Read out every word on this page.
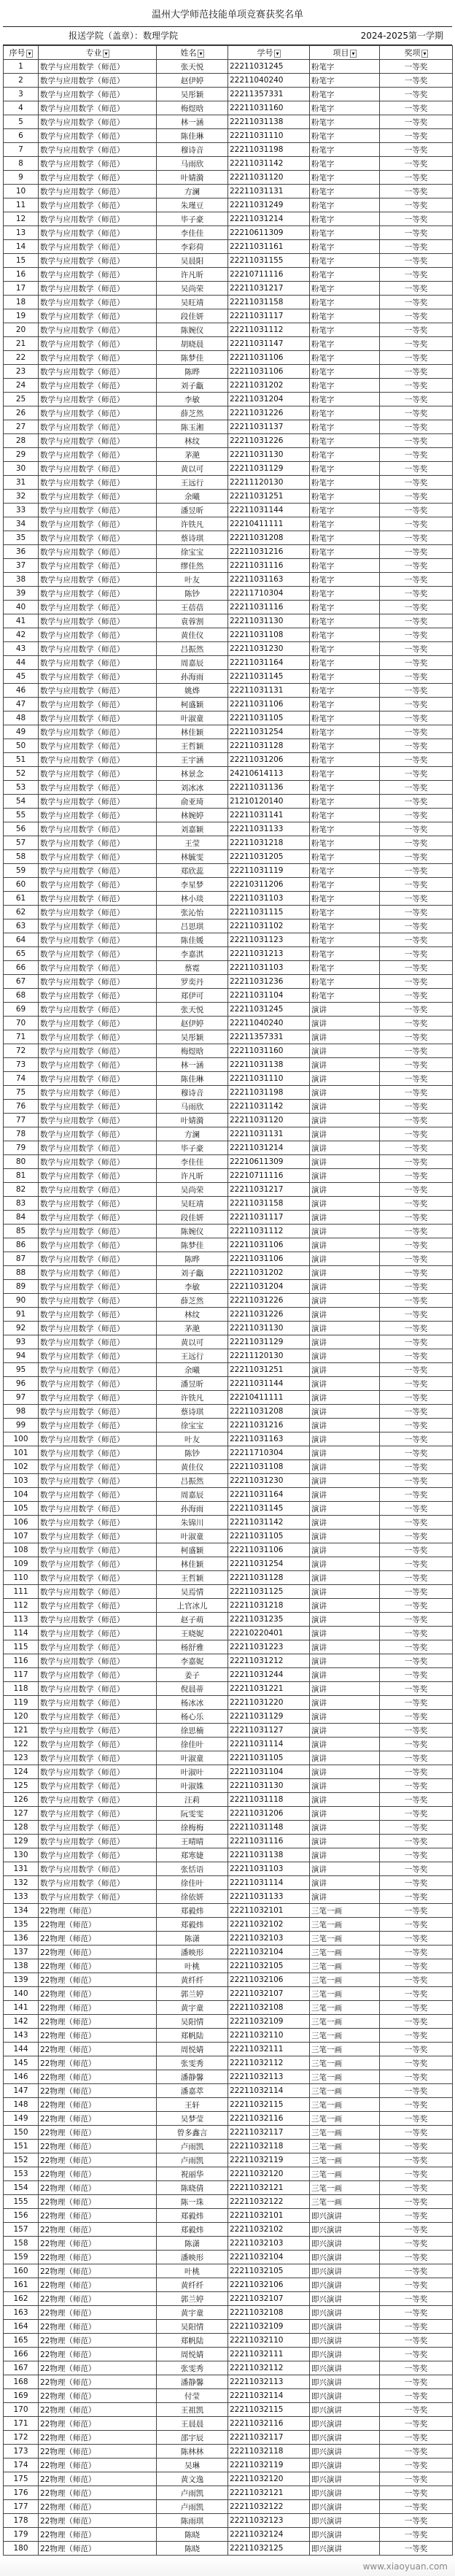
温州大学师范技能单项竞赛获奖名单
报送学院（盖章）：数理学院	2024-2025第一学期
序号 ▾	专业 ▾	姓名 ▾	学号 ▾	项目 ▾	奖项 ▾
1	数学与应用数学（师范）	张天悦	22211031245	粉笔字	一等奖
2	数学与应用数学（师范）	赵伊婷	22211040240	粉笔字	一等奖
3	数学与应用数学（师范）	吴彤颖	22211357331	粉笔字	一等奖
4	数学与应用数学（师范）	梅煜晗	22211031160	粉笔字	一等奖
5	数学与应用数学（师范）	林一涵	22211031138	粉笔字	一等奖
6	数学与应用数学（师范）	陈佳琳	22211031110	粉笔字	一等奖
7	数学与应用数学（师范）	穆诗音	22211031198	粉笔字	一等奖
8	数学与应用数学（师范）	马雨欣	22211031142	粉笔字	一等奖
9	数学与应用数学（师范）	叶婧漪	22211031120	粉笔字	一等奖
10	数学与应用数学（师范）	方澜	22211031131	粉笔字	一等奖
11	数学与应用数学（师范）	朱瑾豆	22211031249	粉笔字	一等奖
12	数学与应用数学（师范）	毕子豪	22211031214	粉笔字	一等奖
13	数学与应用数学（师范）	李佳佳	22210611309	粉笔字	一等奖
14	数学与应用数学（师范）	李彩荷	22211031161	粉笔字	一等奖
15	数学与应用数学（师范）	吴晨阳	22211031155	粉笔字	一等奖
16	数学与应用数学（师范）	许凡昕	22210711116	粉笔字	一等奖
17	数学与应用数学（师范）	吴尚荣	22211031217	粉笔字	一等奖
18	数学与应用数学（师范）	吴旺靖	22211031158	粉笔字	一等奖
19	数学与应用数学（师范）	段佳妍	22211031117	粉笔字	一等奖
20	数学与应用数学（师范）	陈婉仪	22211031112	粉笔字	一等奖
21	数学与应用数学（师范）	胡晓晨	22211031147	粉笔字	一等奖
22	数学与应用数学（师范）	陈梦佳	22211031106	粉笔字	一等奖
23	数学与应用数学（师范）	陈晔	22211031106	粉笔字	一等奖
24	数学与应用数学（师范）	刘子甗	22211031202	粉笔字	一等奖
25	数学与应用数学（师范）	李敏	22211031204	粉笔字	一等奖
26	数学与应用数学（师范）	薛芝然	22211031226	粉笔字	一等奖
27	数学与应用数学（师范）	陈玉湘	22211031137	粉笔字	一等奖
28	数学与应用数学（师范）	林纹	22211031226	粉笔字	一等奖
29	数学与应用数学（师范）	茅滟	22211031130	粉笔字	一等奖
30	数学与应用数学（师范）	黄以可	22211031129	粉笔字	一等奖
31	数学与应用数学（师范）	王远行	22211120130	粉笔字	一等奖
32	数学与应用数学（师范）	余曦	22211031251	粉笔字	一等奖
33	数学与应用数学（师范）	潘昱昕	22211031144	粉笔字	一等奖
34	数学与应用数学（师范）	许铁凡	22210411111	粉笔字	一等奖
35	数学与应用数学（师范）	蔡诗琪	22211031208	粉笔字	一等奖
36	数学与应用数学（师范）	徐宝宝	22211031216	粉笔字	一等奖
37	数学与应用数学（师范）	缪佳然	22211031116	粉笔字	一等奖
38	数学与应用数学（师范）	叶友	22211031163	粉笔字	一等奖
39	数学与应用数学（师范）	陈钞	22211710304	粉笔字	一等奖
40	数学与应用数学（师范）	王蓓蓓	22211031116	粉笔字	一等奖
41	数学与应用数学（师范）	袁蓉割	22211031130	粉笔字	一等奖
42	数学与应用数学（师范）	黄佳仪	22211031108	粉笔字	一等奖
43	数学与应用数学（师范）	吕振然	22211031230	粉笔字	一等奖
44	数学与应用数学（师范）	周嘉辰	22211031164	粉笔字	一等奖
45	数学与应用数学（师范）	孙海雨	22211031145	粉笔字	一等奖
46	数学与应用数学（师范）	姚烨	22211031131	粉笔字	一等奖
47	数学与应用数学（师范）	柯盛颖	22211031106	粉笔字	一等奖
48	数学与应用数学（师范）	叶淑童	22211031105	粉笔字	一等奖
49	数学与应用数学（师范）	林佳颖	22211031254	粉笔字	一等奖
50	数学与应用数学（师范）	王哲颖	22211031128	粉笔字	一等奖
51	数学与应用数学（师范）	王宇涵	22211031206	粉笔字	一等奖
52	数学与应用数学（师范）	林景念	24210614113	粉笔字	一等奖
53	数学与应用数学（师范）	刘冰冰	22211031136	粉笔字	一等奖
54	数学与应用数学（师范）	俞亚琦	21210120140	粉笔字	一等奖
55	数学与应用数学（师范）	林婉婷	22211031141	粉笔字	一等奖
56	数学与应用数学（师范）	刘嘉颖	22211031133	粉笔字	一等奖
57	数学与应用数学（师范）	王莹	22211031218	粉笔字	一等奖
58	数学与应用数学（师范）	林毓雯	22211031205	粉笔字	一等奖
59	数学与应用数学（师范）	郑欣蕊	22211031119	粉笔字	一等奖
60	数学与应用数学（师范）	李星梦	22210311206	粉笔字	一等奖
61	数学与应用数学（师范）	林小琰	22211031103	粉笔字	一等奖
62	数学与应用数学（师范）	张沁怡	22211031115	粉笔字	一等奖
63	数学与应用数学（师范）	吕思琪	22211031102	粉笔字	一等奖
64	数学与应用数学（师范）	陈佳媛	22211031123	粉笔字	一等奖
65	数学与应用数学（师范）	李嘉淇	22211031213	粉笔字	一等奖
66	数学与应用数学（师范）	蔡霓	22211031103	粉笔字	一等奖
67	数学与应用数学（师范）	罗奕丹	22211031236	粉笔字	一等奖
68	数学与应用数学（师范）	郑伊可	22211031104	粉笔字	一等奖
69	数学与应用数学（师范）	张天悦	22211031245	演讲	一等奖
70	数学与应用数学（师范）	赵伊婷	22211040240	演讲	一等奖
71	数学与应用数学（师范）	吴彤颖	22211357331	演讲	一等奖
72	数学与应用数学（师范）	梅煜晗	22211031160	演讲	一等奖
73	数学与应用数学（师范）	林一涵	22211031138	演讲	一等奖
74	数学与应用数学（师范）	陈佳琳	22211031110	演讲	一等奖
75	数学与应用数学（师范）	穆诗音	22211031198	演讲	一等奖
76	数学与应用数学（师范）	马雨欣	22211031142	演讲	一等奖
77	数学与应用数学（师范）	叶婧漪	22211031120	演讲	一等奖
78	数学与应用数学（师范）	方澜	22211031131	演讲	一等奖
79	数学与应用数学（师范）	毕子豪	22211031214	演讲	一等奖
80	数学与应用数学（师范）	李佳佳	22210611309	演讲	一等奖
81	数学与应用数学（师范）	许凡昕	22210711116	演讲	一等奖
82	数学与应用数学（师范）	吴尚荣	22211031217	演讲	一等奖
83	数学与应用数学（师范）	吴旺靖	22211031158	演讲	一等奖
84	数学与应用数学（师范）	段佳妍	22211031117	演讲	一等奖
85	数学与应用数学（师范）	陈婉仪	22211031112	演讲	一等奖
86	数学与应用数学（师范）	陈梦佳	22211031106	演讲	一等奖
87	数学与应用数学（师范）	陈晔	22211031106	演讲	一等奖
88	数学与应用数学（师范）	刘子甗	22211031202	演讲	一等奖
89	数学与应用数学（师范）	李敏	22211031204	演讲	一等奖
90	数学与应用数学（师范）	薛芝然	22211031226	演讲	一等奖
91	数学与应用数学（师范）	林纹	22211031226	演讲	一等奖
92	数学与应用数学（师范）	茅滟	22211031130	演讲	一等奖
93	数学与应用数学（师范）	黄以可	22211031129	演讲	一等奖
94	数学与应用数学（师范）	王远行	22211120130	演讲	一等奖
95	数学与应用数学（师范）	余曦	22211031251	演讲	一等奖
96	数学与应用数学（师范）	潘昱昕	22211031144	演讲	一等奖
97	数学与应用数学（师范）	许铁凡	22210411111	演讲	一等奖
98	数学与应用数学（师范）	蔡诗琪	22211031208	演讲	一等奖
99	数学与应用数学（师范）	徐宝宝	22211031216	演讲	一等奖
100	数学与应用数学（师范）	叶友	22211031163	演讲	一等奖
101	数学与应用数学（师范）	陈钞	22211710304	演讲	一等奖
102	数学与应用数学（师范）	黄佳仪	22211031108	演讲	一等奖
103	数学与应用数学（师范）	吕振然	22211031230	演讲	一等奖
104	数学与应用数学（师范）	周嘉辰	22211031164	演讲	一等奖
105	数学与应用数学（师范）	孙海雨	22211031145	演讲	一等奖
106	数学与应用数学（师范）	朱锦川	22211031142	演讲	一等奖
107	数学与应用数学（师范）	叶淑童	22211031105	演讲	一等奖
108	数学与应用数学（师范）	柯盛颖	22211031106	演讲	一等奖
109	数学与应用数学（师范）	林佳颖	22211031254	演讲	一等奖
110	数学与应用数学（师范）	王哲颖	22211031128	演讲	一等奖
111	数学与应用数学（师范）	吴焉情	22211031125	演讲	一等奖
112	数学与应用数学（师范）	上官冰儿	22211031218	演讲	一等奖
113	数学与应用数学（师范）	赵子萌	22211031235	演讲	一等奖
114	数学与应用数学（师范）	王晓妮	22210220401	演讲	一等奖
115	数学与应用数学（师范）	杨舒雅	22211031223	演讲	一等奖
116	数学与应用数学（师范）	李嘉妮	22211031212	演讲	一等奖
117	数学与应用数学（师范）	姜子	22211031244	演讲	一等奖
118	数学与应用数学（师范）	倪晨蒂	22211031221	演讲	一等奖
119	数学与应用数学（师范）	杨冰冰	22211031220	演讲	一等奖
120	数学与应用数学（师范）	杨心乐	22211031129	演讲	一等奖
121	数学与应用数学（师范）	徐思楠	22211031127	演讲	一等奖
122	数学与应用数学（师范）	徐佳叶	22211031114	演讲	一等奖
123	数学与应用数学（师范）	叶淑童	22211031105	演讲	一等奖
124	数学与应用数学（师范）	叶淑叶	22211031104	演讲	一等奖
125	数学与应用数学（师范）	叶淑姝	22211031130	演讲	一等奖
126	数学与应用数学（师范）	汪莉	22211031118	演讲	一等奖
127	数学与应用数学（师范）	阮雯雯	22211031206	演讲	一等奖
128	数学与应用数学（师范）	徐梅梅	22211031148	演讲	一等奖
129	数学与应用数学（师范）	王晴晴	22211031116	演讲	一等奖
130	数学与应用数学（师范）	郑寒婕	22211031138	演讲	一等奖
131	数学与应用数学（师范）	张恬语	22211031103	演讲	一等奖
132	数学与应用数学（师范）	徐佳叶	22211031114	演讲	一等奖
133	数学与应用数学（师范）	徐依妍	22211031133	演讲	一等奖
134	22物理（师范）	郑毅炜	22211032101	三笔一画	一等奖
135	22物理（师范）	郑毅炜	22211032102	三笔一画	一等奖
136	22物理（师范）	陈潇	22211032103	三笔一画	一等奖
137	22物理（师范）	潘映形	22211032104	三笔一画	一等奖
138	22物理（师范）	叶桃	22211032105	三笔一画	一等奖
139	22物理（师范）	黄纤纤	22211032106	三笔一画	一等奖
140	22物理（师范）	郭兰婷	22211032107	三笔一画	一等奖
141	22物理（师范）	黄宇童	22211032108	三笔一画	一等奖
142	22物理（师范）	吴阳情	22211032109	三笔一画	一等奖
143	22物理（师范）	郑帆陆	22211032110	三笔一画	一等奖
144	22物理（师范）	周悦婧	22211032111	三笔一画	一等奖
145	22物理（师范）	张雯秀	22211032112	三笔一画	一等奖
146	22物理（师范）	潘静馨	22211032113	三笔一画	一等奖
147	22物理（师范）	潘嘉萃	22211032114	三笔一画	一等奖
148	22物理（师范）	王轩	22211032115	三笔一画	一等奖
149	22物理（师范）	吴梦莹	22211032116	三笔一画	一等奖
150	22物理（师范）	曾多鑫言	22211032117	三笔一画	一等奖
151	22物理（师范）	卢雨凯	22211032118	三笔一画	一等奖
152	22物理（师范）	卢雨凯	22211032119	三笔一画	一等奖
153	22物理（师范）	祝丽华	22211032120	三笔一画	一等奖
154	22物理（师范）	陈晓倩	22211032121	三笔一画	一等奖
155	22物理（师范）	陈一珠	22211032122	三笔一画	一等奖
156	22物理（师范）	郑毅炜	22211032101	即兴演讲	一等奖
157	22物理（师范）	郑毅炜	22211032102	即兴演讲	一等奖
158	22物理（师范）	陈潇	22211032103	即兴演讲	一等奖
159	22物理（师范）	潘映形	22211032104	即兴演讲	一等奖
160	22物理（师范）	叶桃	22211032105	即兴演讲	一等奖
161	22物理（师范）	黄纤纤	22211032106	即兴演讲	一等奖
162	22物理（师范）	郭兰婷	22211032107	即兴演讲	一等奖
163	22物理（师范）	黄宇童	22211032108	即兴演讲	一等奖
164	22物理（师范）	吴阳情	22211032109	即兴演讲	一等奖
165	22物理（师范）	郑帆陆	22211032110	即兴演讲	一等奖
166	22物理（师范）	周悦婧	22211032111	即兴演讲	一等奖
167	22物理（师范）	张雯秀	22211032112	即兴演讲	一等奖
168	22物理（师范）	潘静馨	22211032113	即兴演讲	一等奖
169	22物理（师范）	付莹	22211032114	即兴演讲	一等奖
170	22物理（师范）	王祖凯	22211032115	即兴演讲	一等奖
171	22物理（师范）	王晨晨	22211032116	即兴演讲	一等奖
172	22物理（师范）	邵宇辰	22211032117	即兴演讲	一等奖
173	22物理（师范）	陈林林	22211032118	即兴演讲	一等奖
174	22物理（师范）	吴琳	22211032119	即兴演讲	一等奖
175	22物理（师范）	黄文逸	22211032120	即兴演讲	一等奖
176	22物理（师范）	卢雨凯	22211032121	即兴演讲	一等奖
177	22物理（师范）	卢雨凯	22211032122	即兴演讲	一等奖
178	22物理（师范）	陈雨琪	22211032123	即兴演讲	一等奖
179	22物理（师范）	陈晓	22211032124	即兴演讲	一等奖
180	22物理（师范）	陈晓	22211032125	即兴演讲	一等奖
www.xiaoyuan.com
